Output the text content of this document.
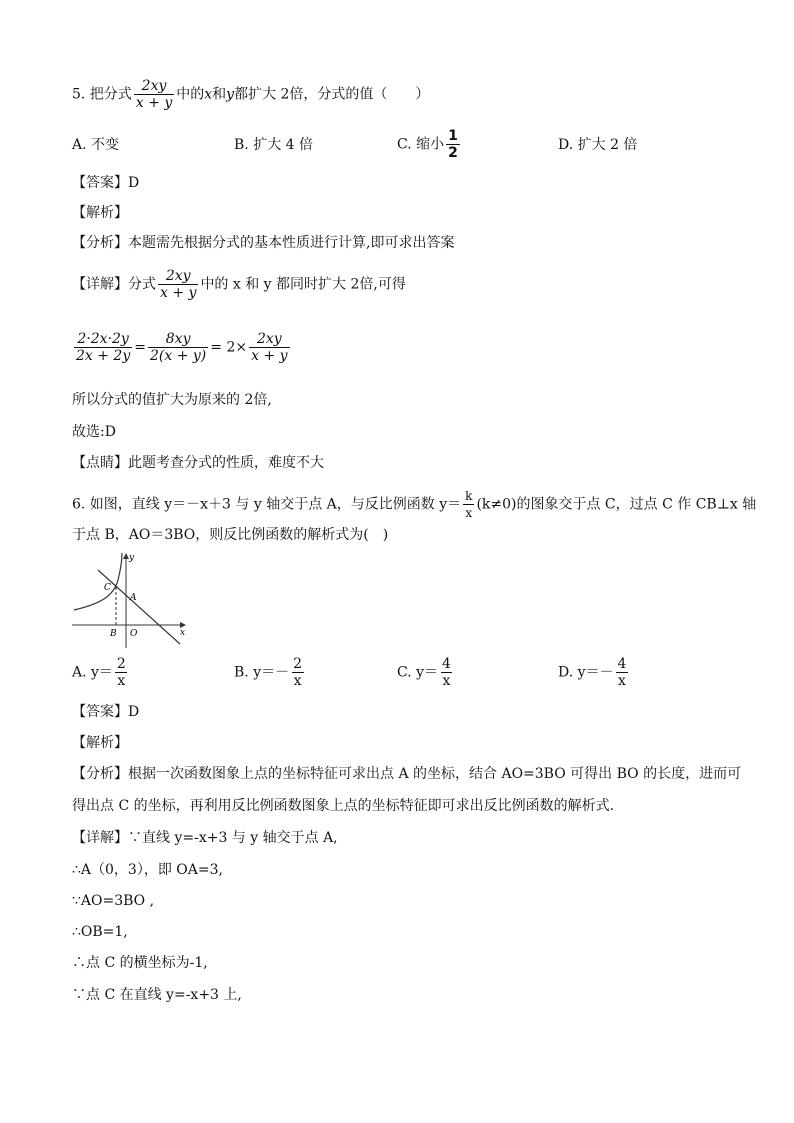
5. 把分式 $\frac{2xy}{x + y}$ 中的x和y都扩大 2倍，分式的值（　　）
A. 不变	B. 扩大 4 倍	C. 缩小 $\frac{1}{2}$	D. 扩大 2 倍
【答案】D
【解析】
【分析】本题需先根据分式的基本性质进行计算,即可求出答案
【详解】分式 $\frac{2xy}{x + y}$ 中的 x 和 y 都同时扩大 2倍,可得
$\frac{2\cdot 2x\cdot 2y}{2x + 2y} = \frac{8xy}{2(x + y)} = 2\times \frac{2xy}{x + y}$
所以分式的值扩大为原来的 2倍,
故选:D
【点睛】此题考查分式的性质，难度不大
6. 如图，直线 y＝－x＋3 与 y 轴交于点 A，与反比例函数 $y= \frac{k}{x} (k\ne 0)$的图象交于点 C，过点 C 作 CB⊥x 轴
于点 B，AO＝3BO，则反比例函数的解析式为(　)
y
x
C
A
B O
A. $y= \frac{2}{x}$	B. $y=- \frac{2}{x}$	C. $y= \frac{4}{x}$	D. $y=- \frac{4}{x}$
【答案】D
【解析】
【分析】根据一次函数图象上点的坐标特征可求出点 A 的坐标，结合 AO=3BO 可得出 BO 的长度，进而可
得出点 C 的坐标，再利用反比例函数图象上点的坐标特征即可求出反比例函数的解析式.
【详解】∵直线 y=-x+3 与 y 轴交于点 A,
∴A（0，3），即 OA=3,
∵AO=3BO ,
∴OB=1,
∴点 C 的横坐标为-1,
∵点 C 在直线 y=-x+3 上,
